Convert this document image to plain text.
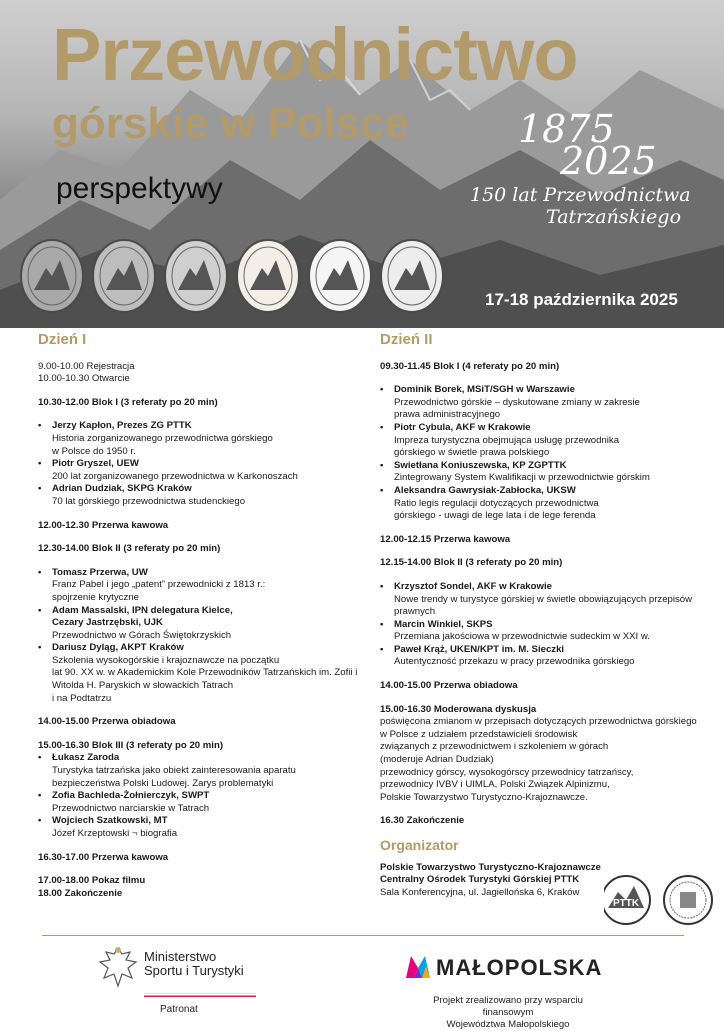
Przewodnictwo
górskie w Polsce
perspektywy
1875
2025
150 lat Przewodnictwa
Tatrzańskiego
17-18 października 2025
Dzień I
9.00-10.00 Rejestracja
10.00-10.30 Otwarcie
10.30-12.00 Blok I (3 referaty po 20 min)
• Jerzy Kapłon, Prezes ZG PTTK
Historia zorganizowanego przewodnictwa górskiego
w Polsce do 1950 r.
• Piotr Gryszel, UEW
200 lat zorganizowanego przewodnictwa w Karkonoszach
• Adrian Dudziak, SKPG Kraków
70 lat górskiego przewodnictwa studenckiego
12.00-12.30 Przerwa kawowa
12.30-14.00 Blok II (3 referaty po 20 min)
• Tomasz Przerwa, UW
Franz Pabel i jego „patent” przewodnicki z 1813 r.:
spojrzenie krytyczne
• Adam Massalski, IPN delegatura Kielce,
Cezary Jastrzębski, UJK
Przewodnictwo w Górach Świętokrzyskich
• Dariusz Dyląg, AKPT Kraków
Szkolenia wysokogórskie i krajoznawcze na początku
lat 90. XX w. w Akademickim Kole Przewodników Tatrzańskich im. Zofii i
Witolda H. Paryskich w słowackich Tatrach
i na Podtatrzu
14.00-15.00 Przerwa obiadowa
15.00-16.30 Blok III (3 referaty po 20 min)
• Łukasz Zaroda
Turystyka tatrzańska jako obiekt zainteresowania aparatu
bezpieczeństwa Polski Ludowej. Zarys problematyki
• Zofia Bachleda-Żołnierczyk, SWPT
Przewodnictwo narciarskie w Tatrach
• Wojciech Szatkowski, MT
Józef Krzeptowski ¬ biografia
16.30-17.00 Przerwa kawowa
17.00-18.00 Pokaz filmu
18.00 Zakończenie
Dzień II
09.30-11.45 Blok I (4 referaty po 20 min)
• Dominik Borek, MSiT/SGH w Warszawie
Przewodnictwo górskie – dyskutowane zmiany w zakresie
prawa administracyjnego
• Piotr Cybula, AKF w Krakowie
Impreza turystyczna obejmująca usługę przewodnika
górskiego w świetle prawa polskiego
• Swietłana Koniuszewska, KP ZGPTTK
Zintegrowany System Kwalifikacji w przewodnictwie górskim
• Aleksandra Gawrysiak-Zabłocka, UKSW
Ratio legis regulacji dotyczących przewodnictwa
górskiego - uwagi de lege lata i de lege ferenda
12.00-12.15 Przerwa kawowa
12.15-14.00 Blok II (3 referaty po 20 min)
• Krzysztof Sondel, AKF w Krakowie
Nowe trendy w turystyce górskiej w świetle obowiązujących przepisów
prawnych
• Marcin Winkiel, SKPS
Przemiana jakościowa w przewodnictwie sudeckim w XXI w.
• Paweł Krąż, UKEN/KPT im. M. Sieczki
Autentyczność przekazu w pracy przewodnika górskiego
14.00-15.00 Przerwa obiadowa
15.00-16.30 Moderowana dyskusja
poświęcona zmianom w przepisach dotyczących przewodnictwa górskiego
w Polsce z udziałem przedstawicieli środowisk
związanych z przewodnictwem i szkoleniem w górach
(moderuje Adrian Dudziak)
przewodnicy górscy, wysokogórscy przewodnicy tatrzańscy,
przewodnicy IVBV i UIMLA, Polski Związek Alpinizmu,
Polskie Towarzystwo Turystyczno-Krajoznawcze.
16.30 Zakończenie
Organizator
Polskie Towarzystwo Turystyczno-Krajoznawcze
Centralny Ośrodek Turystyki Górskiej PTTK
Sala Konferencyjna, ul. Jagiellońska 6, Kraków
PTTK
Ministerstwo
Sportu i Turystyki
Patronat
MAŁOPOLSKA
Projekt zrealizowano przy wsparciu finansowym
Województwa Małopolskiego
